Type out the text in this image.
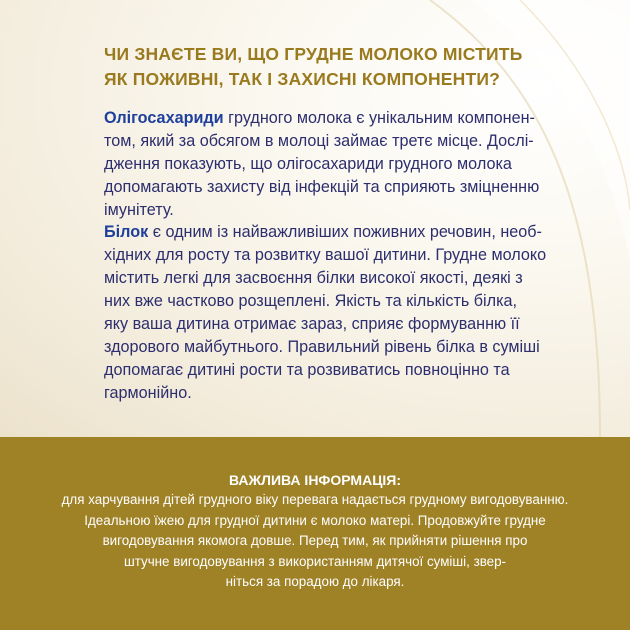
ЧИ ЗНАЄТЕ ВИ, ЩО ГРУДНЕ МОЛОКО МІСТИТЬ
ЯК ПОЖИВНІ, ТАК І ЗАХИСНІ КОМПОНЕНТИ?
Олігосахариди грудного молока є унікальним компонен-
том, який за обсягом в молоці займає третє місце. Дослі-
дження показують, що олігосахариди грудного молока
допомагають захисту від інфекцій та сприяють зміцненню
імунітету.
Білок є одним із найважливіших поживних речовин, необ-
хідних для росту та розвитку вашої дитини. Грудне молоко
містить легкі для засвоєння білки високої якості, деякі з
них вже частково розщеплені. Якість та кількість білка,
яку ваша дитина отримає зараз, сприяє формуванню її
здорового майбутнього. Правильний рівень білка в суміші
допомагає дитині рости та розвиватись повноцінно та
гармонійно.
ВАЖЛИВА ІНФОРМАЦІЯ:
для харчування дітей грудного віку перевага надається грудному вигодовуванню.
Ідеальною їжею для грудної дитини є молоко матері. Продовжуйте грудне
вигодовування якомога довше. Перед тим, як прийняти рішення про
штучне вигодовування з використанням дитячої суміші, звер-
ніться за порадою до лікаря.
